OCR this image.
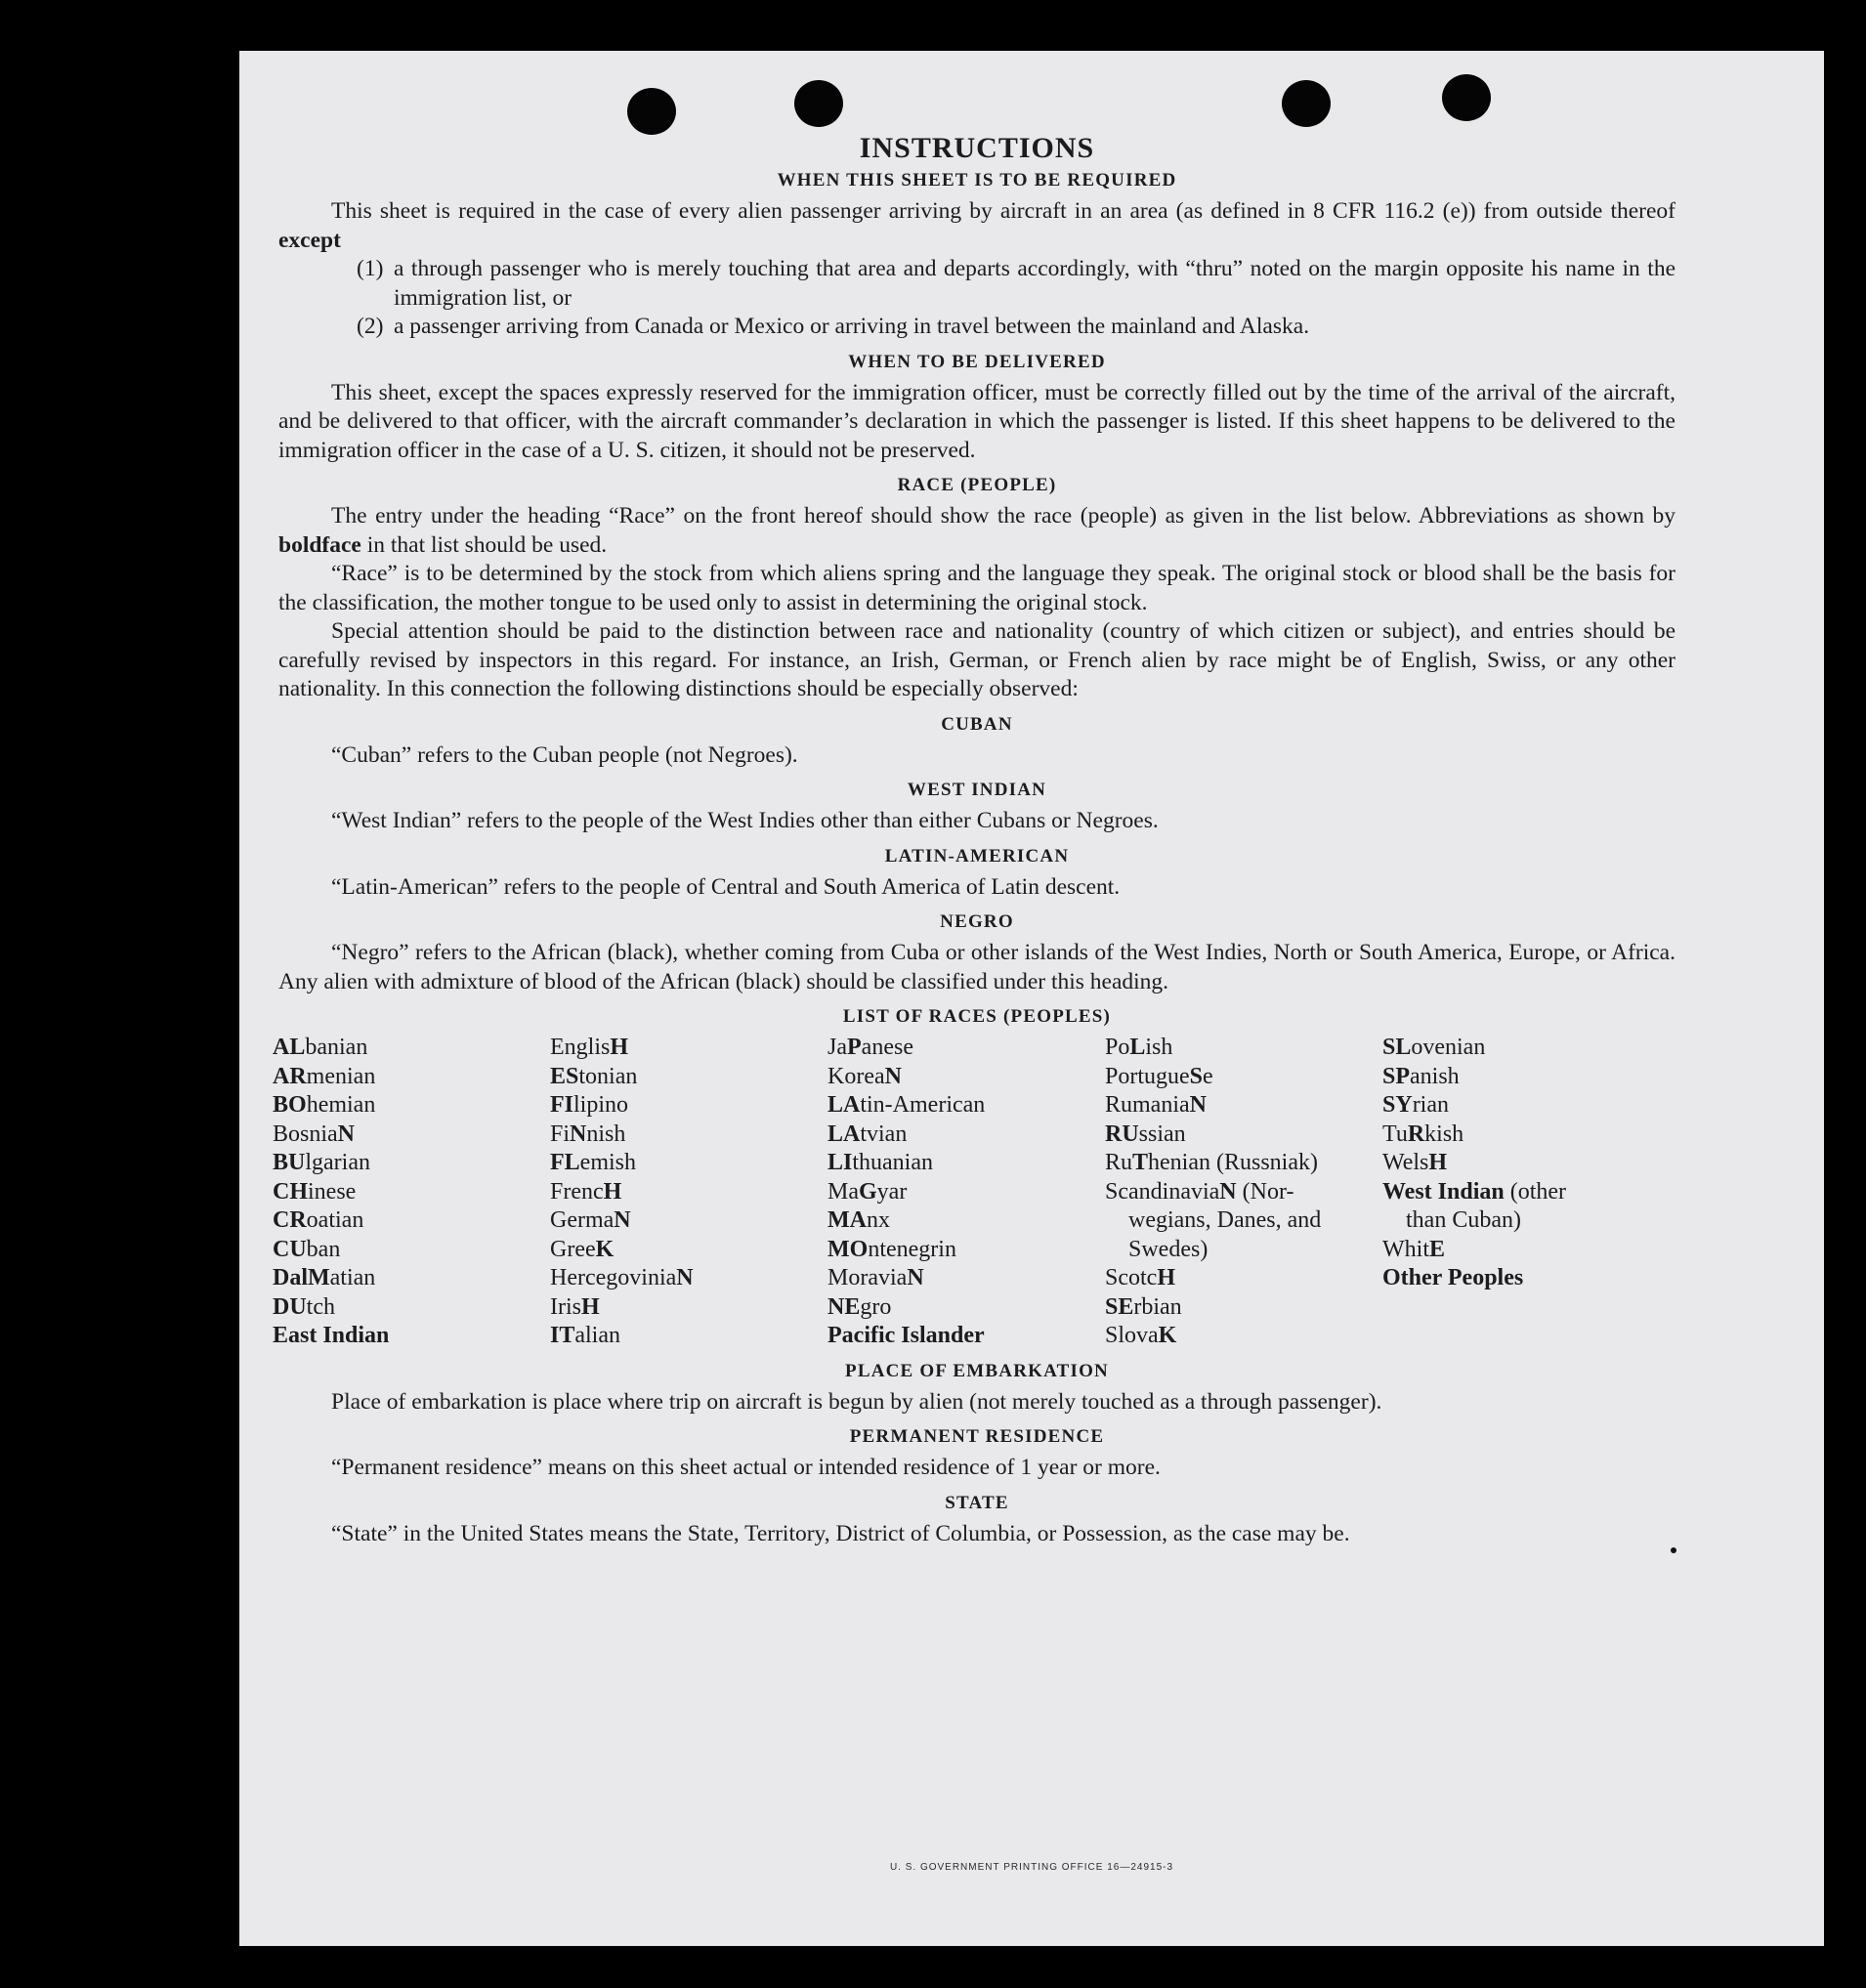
INSTRUCTIONS
WHEN THIS SHEET IS TO BE REQUIRED

This sheet is required in the case of every alien passenger arriving by aircraft in an area (as defined in 8 CFR 116.2 (e)) from outside thereof except

(1) a through passenger who is merely touching that area and departs accordingly, with “thru” noted on the margin opposite his name in the immigration list, or
(2) a passenger arriving from Canada or Mexico or arriving in travel between the mainland and Alaska.
WHEN TO BE DELIVERED

This sheet, except the spaces expressly reserved for the immigration officer, must be correctly filled out by the time of the arrival of the aircraft, and be delivered to that officer, with the aircraft commander’s declaration in which the passenger is listed. If this sheet happens to be delivered to the immigration officer in the case of a U. S. citizen, it should not be preserved.

RACE (PEOPLE)

The entry under the heading “Race” on the front hereof should show the race (people) as given in the list below. Abbreviations as shown by boldface in that list should be used.

“Race” is to be determined by the stock from which aliens spring and the language they speak. The original stock or blood shall be the basis for the classification, the mother tongue to be used only to assist in determining the original stock.

Special attention should be paid to the distinction between race and nationality (country of which citizen or subject), and entries should be carefully revised by inspectors in this regard. For instance, an Irish, German, or French alien by race might be of English, Swiss, or any other nationality. In this connection the following distinctions should be especially observed:

CUBAN

“Cuban” refers to the Cuban people (not Negroes).

WEST INDIAN

“West Indian” refers to the people of the West Indies other than either Cubans or Negroes.

LATIN-AMERICAN

“Latin-American” refers to the people of Central and South America of Latin descent.

NEGRO

“Negro” refers to the African (black), whether coming from Cuba or other islands of the West Indies, North or South America, Europe, or Africa. Any alien with admixture of blood of the African (black) should be classified under this heading.

LIST OF RACES (PEOPLES)
ALbanian
ARmenian
BOhemian
BosniaN
BUlgarian
CHinese
CRoatian
CUban
DalMatian
DUtch
East Indian
EnglisH
EStonian
FIlipino
FiNnish
FLemish
FrencH
GermaN
GreeK
HercegoviniaN
IrisH
ITalian
JaPanese
KoreaN
LAtin-American
LAtvian
LIthuanian
MaGyar
MAnx
MOntenegrin
MoraviaN
NEgro
Pacific Islander
PoLish
PortugueSe
RumaniaN
RUssian
RuThenian (Russniak)
ScandinaviaN (Nor-
wegians, Danes, and Swedes)
ScotcH
SErbian
SlovaK
SLovenian
SPanish
SYrian
TuRkish
WelsH
West Indian (other
than Cuban)
WhitE
Other Peoples
PLACE OF EMBARKATION

Place of embarkation is place where trip on aircraft is begun by alien (not merely touched as a through passenger).

PERMANENT RESIDENCE

“Permanent residence” means on this sheet actual or intended residence of 1 year or more.

STATE

“State” in the United States means the State, Territory, District of Columbia, or Possession, as the case may be.

U. S. GOVERNMENT PRINTING OFFICE 16—24915-3
